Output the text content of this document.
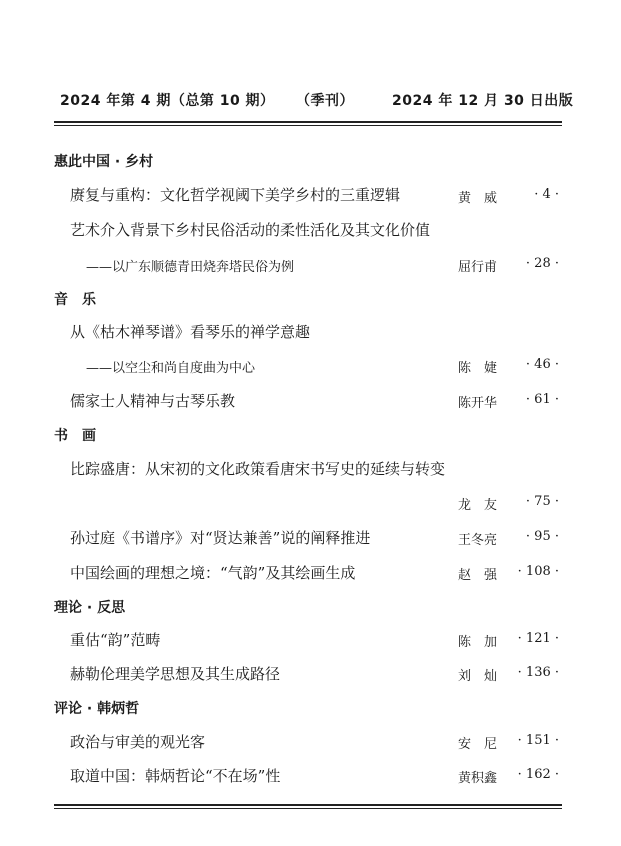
2024 年第 4 期（总第 10 期） （季刊）	2024 年 12 月 30 日出版
惠此中国 · 乡村
赓复与重构：文化哲学视阈下美学乡村的三重逻辑	黄　威	· 4 ·
艺术介入背景下乡村民俗活动的柔性活化及其文化价值
——以广东顺德青田烧奔塔民俗为例	屈行甫 · 28 ·
音　乐
从《枯木禅琴谱》看琴乐的禅学意趣
——以空尘和尚自度曲为中心	陈　婕 · 46 ·
儒家士人精神与古琴乐教	陈开华 · 61 ·
书　画
比踪盛唐：从宋初的文化政策看唐宋书写史的延续与转变
龙　友 · 75 ·
孙过庭《书谱序》对“贤达兼善”说的阐释推进	王冬亮 · 95 ·
中国绘画的理想之境：“气韵”及其绘画生成	赵　强 · 108 ·
理论 · 反思
重估“韵”范畴	陈　加 · 121 ·
赫勒伦理美学思想及其生成路径	刘　灿 · 136 ·
评论 · 韩炳哲
政治与审美的观光客	安　尼 · 151 ·
取道中国：韩炳哲论“不在场”性	黄积鑫 · 162 ·
